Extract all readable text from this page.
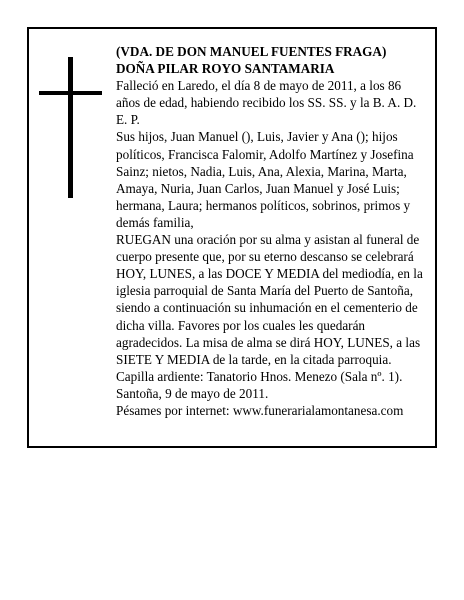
(VDA. DE DON MANUEL FUENTES FRAGA)

DOÑA PILAR ROYO SANTAMARIA

Falleció en Laredo, el día 8 de mayo de 2011, a los 86 años de edad, habiendo recibido los SS. SS. y la B. A. D. E. P.

Sus hijos, Juan Manuel (), Luis, Javier y Ana (); hijos políticos, Francisca Falomir, Adolfo Martínez y Josefina Sainz; nietos, Nadia, Luis, Ana, Alexia, Marina, Marta, Amaya, Nuria, Juan Carlos, Juan Manuel y José Luis; hermana, Laura; hermanos políticos, sobrinos, primos y demás familia,

RUEGAN una oración por su alma y asistan al funeral de cuerpo presente que, por su eterno descanso se celebrará HOY, LUNES, a las DOCE Y MEDIA del mediodía, en la iglesia parroquial de Santa María del Puerto de Santoña, siendo a continuación su inhumación en el cementerio de dicha villa. Favores por los cuales les quedarán agradecidos. La misa de alma se dirá HOY, LUNES, a las SIETE Y MEDIA de la tarde, en la citada parroquia. Capilla ardiente: Tanatorio Hnos. Menezo (Sala nº. 1).

Santoña, 9 de mayo de 2011.

Pésames por internet: www.funerarialamontanesa.com
